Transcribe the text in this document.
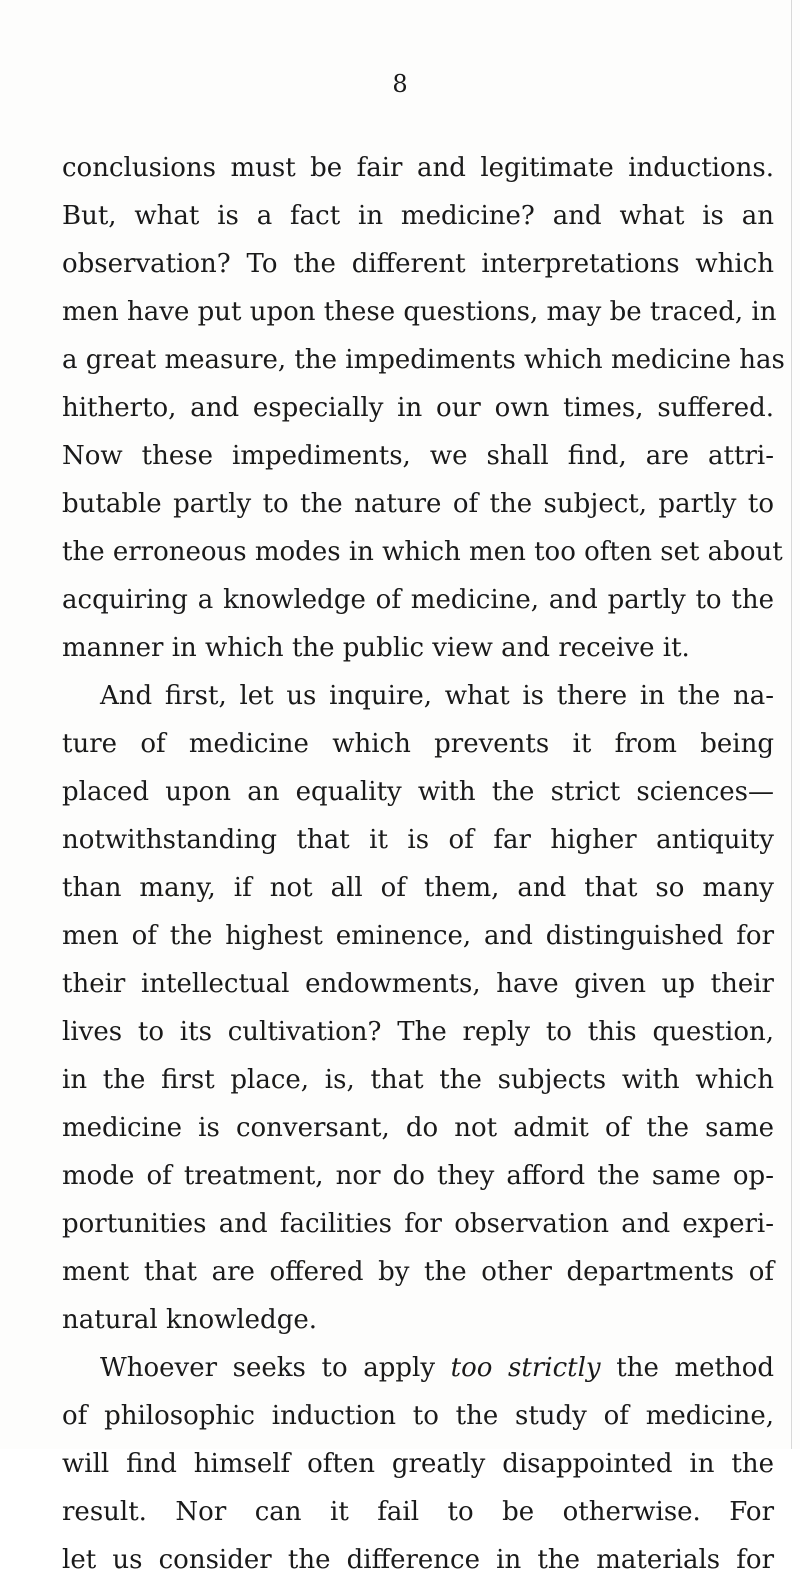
8
conclusions must be fair and legitimate inductions.
But, what is a fact in medicine? and what is an
observation? To the different interpretations which
men have put upon these questions, may be traced, in
a great measure, the impediments which medicine has
hitherto, and especially in our own times, suffered.
Now these impediments, we shall find, are attri-
butable partly to the nature of the subject, partly to
the erroneous modes in which men too often set about
acquiring a knowledge of medicine, and partly to the
manner in which the public view and receive it.
And first, let us inquire, what is there in the na-
ture of medicine which prevents it from being
placed upon an equality with the strict sciences—
notwithstanding that it is of far higher antiquity
than many, if not all of them, and that so many
men of the highest eminence, and distinguished for
their intellectual endowments, have given up their
lives to its cultivation? The reply to this question,
in the first place, is, that the subjects with which
medicine is conversant, do not admit of the same
mode of treatment, nor do they afford the same op-
portunities and facilities for observation and experi-
ment that are offered by the other departments of
natural knowledge.
Whoever seeks to apply too strictly the method
of philosophic induction to the study of medicine,
will find himself often greatly disappointed in the
result. Nor can it fail to be otherwise. For
let us consider the difference in the materials for
